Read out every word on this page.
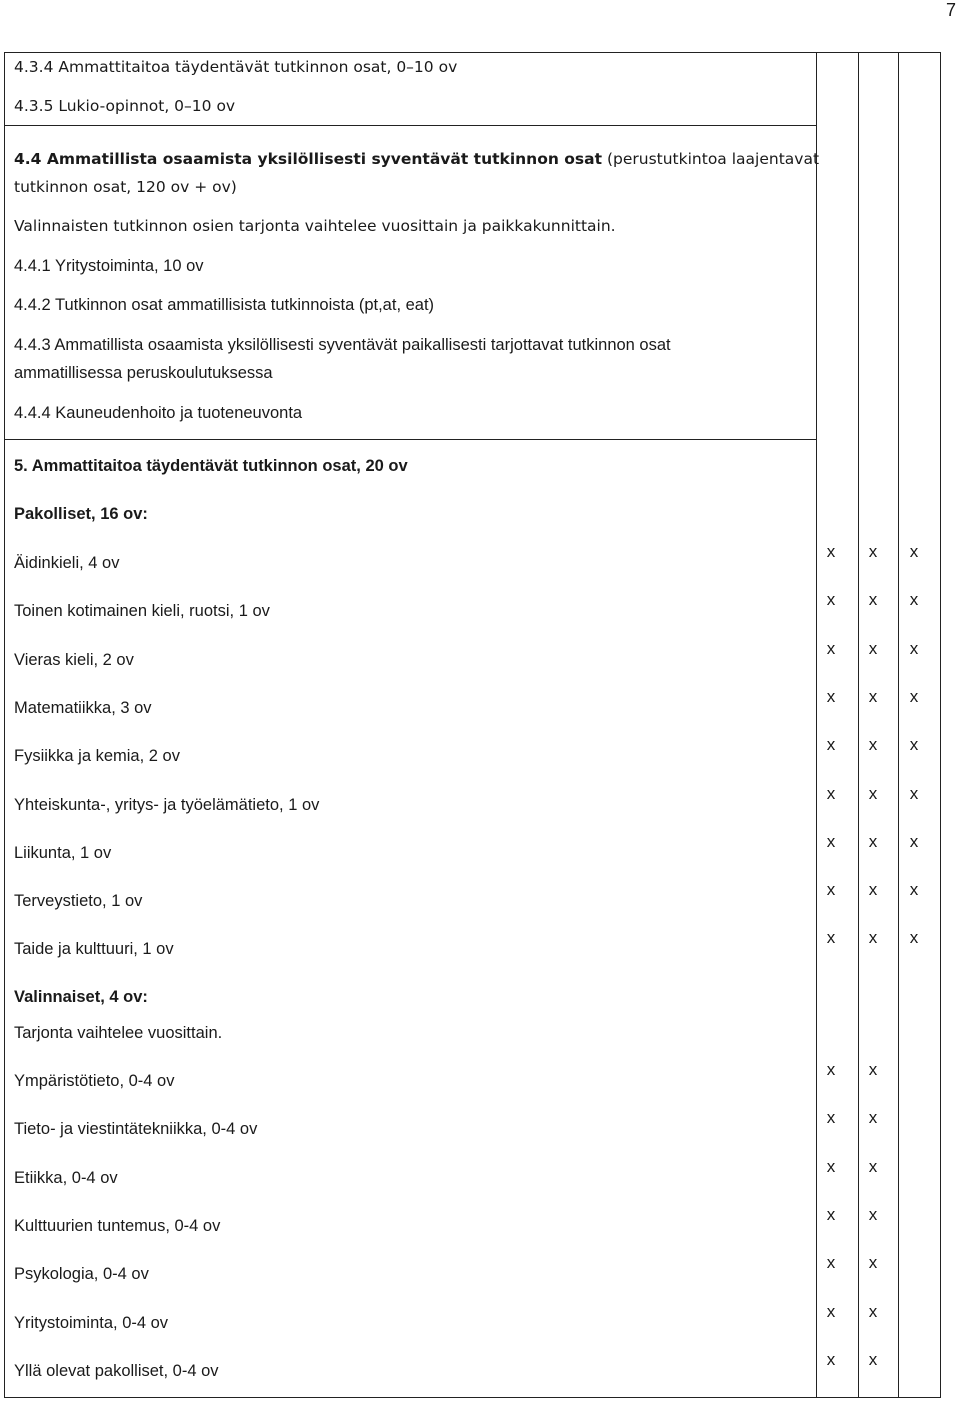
7
4.3.4 Ammattitaitoa täydentävät tutkinnon osat, 0–10 ov
4.3.5 Lukio-opinnot, 0–10 ov
4.4 Ammatillista osaamista yksilöllisesti syventävät tutkinnon osat (perustutkintoa laajentavat
tutkinnon osat, 120 ov + ov)
Valinnaisten tutkinnon osien tarjonta vaihtelee vuosittain ja paikkakunnittain.
4.4.1 Yritystoiminta, 10 ov
4.4.2 Tutkinnon osat ammatillisista tutkinnoista (pt,at, eat)
4.4.3 Ammatillista osaamista yksilöllisesti syventävät paikallisesti tarjottavat tutkinnon osat
ammatillisessa peruskoulutuksessa
4.4.4 Kauneudenhoito ja tuoteneuvonta
5. Ammattitaitoa täydentävät tutkinnon osat, 20 ov
Pakolliset, 16 ov:
Valinnaiset, 4 ov:
Tarjonta vaihtelee vuosittain.
Äidinkieli, 4 ov
x x x
Toinen kotimainen kieli, ruotsi, 1 ov
x x x
Vieras kieli, 2 ov
x x x
Matematiikka, 3 ov
x x x
Fysiikka ja kemia, 2 ov
x x x
Yhteiskunta-, yritys- ja työelämätieto, 1 ov
x x x
Liikunta, 1 ov
x x x
Terveystieto, 1 ov
x x x
Taide ja kulttuuri, 1 ov
x x x
Ympäristötieto, 0-4 ov
x x
Tieto- ja viestintätekniikka, 0-4 ov
x x
Etiikka, 0-4 ov
x x
Kulttuurien tuntemus, 0-4 ov
x x
Psykologia, 0-4 ov
x x
Yritystoiminta, 0-4 ov
x x
Yllä olevat pakolliset, 0-4 ov
x x
